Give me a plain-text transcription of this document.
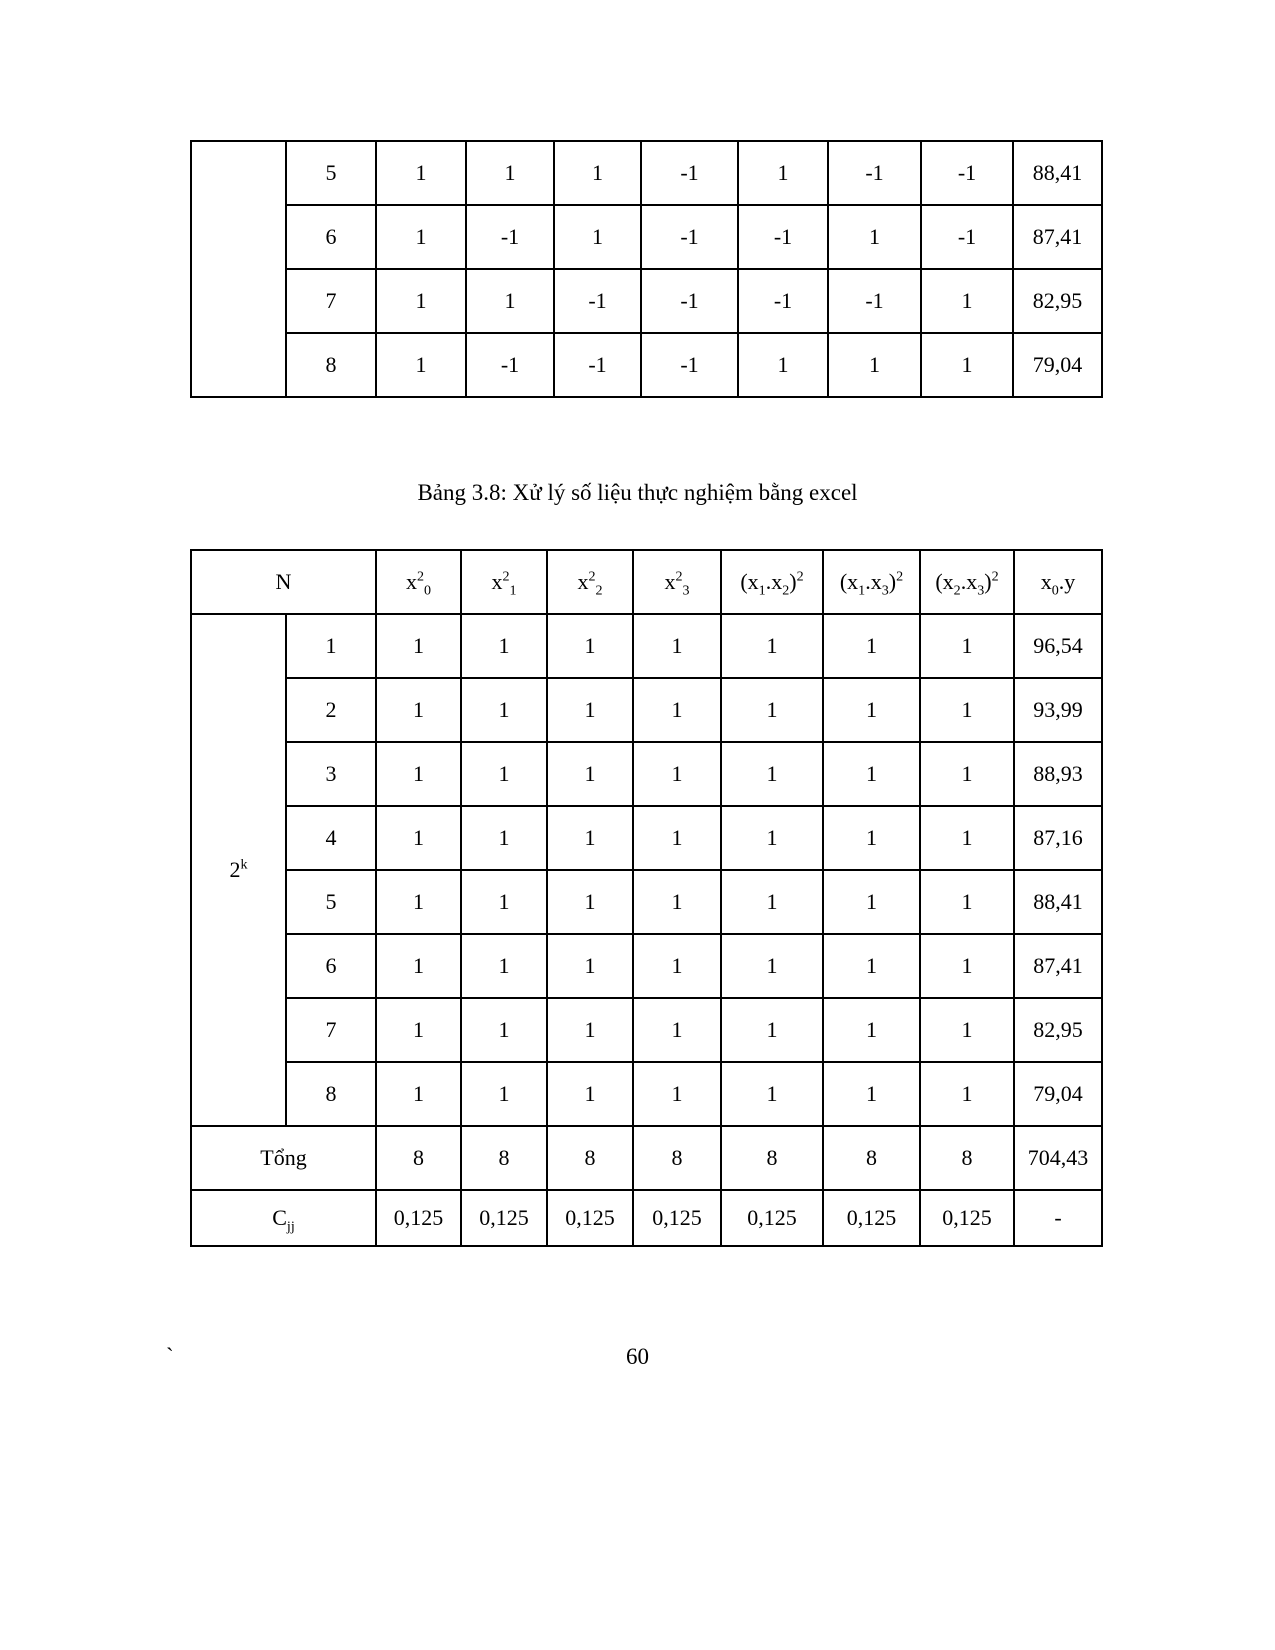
	5	1	1	1	-1	1	-1	-1	88,41
	6	1	-1	1	-1	-1	1	-1	87,41
	7	1	1	-1	-1	-1	-1	1	82,95
	8	1	-1	-1	-1	1	1	1	79,04
Bảng 3.8: Xử lý số liệu thực nghiệm bằng excel
N		$x^2_0$	$x^2_1$	$x^2_2$	$x^2_3$	$(x_1.x_2)^2$	$(x_1.x_3)^2$	$(x_2.x_3)^2$	$x_0.y$
2$^k$	1	1	1	1	1	1	1	1	96,54
	2	1	1	1	1	1	1	1	93,99
	3	1	1	1	1	1	1	1	88,93
	4	1	1	1	1	1	1	1	87,16
	5	1	1	1	1	1	1	1	88,41
	6	1	1	1	1	1	1	1	87,41
	7	1	1	1	1	1	1	1	82,95
	8	1	1	1	1	1	1	1	79,04
Tổng		8	8	8	8	8	8	8	704,43
$C_{jj}$		0,125	0,125	0,125	0,125	0,125	0,125	0,125	-
`	60
